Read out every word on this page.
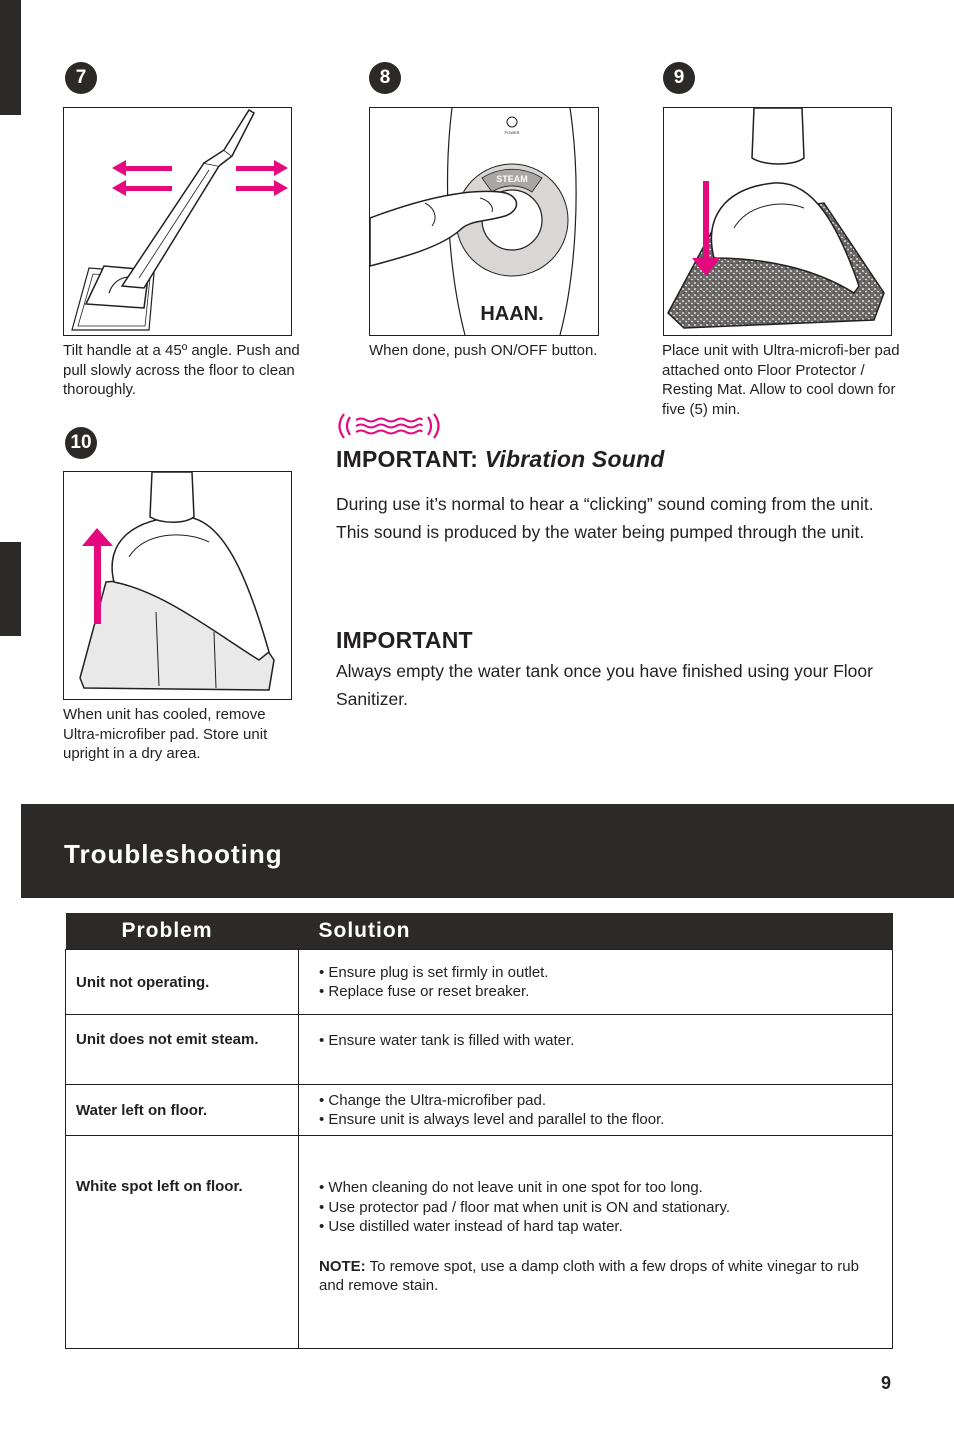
7
Tilt handle at a 45º angle. Push and pull slowly across the floor to clean thoroughly.
8
POWER
STEAM
HAAN.
When done, push ON/OFF button.
9
Place unit with Ultra-microfi-ber pad attached onto Floor Protector / Resting Mat. Allow to cool down for five (5) min.
10
When unit has cooled, remove Ultra-microfiber pad. Store unit upright in a dry area.
IMPORTANT: Vibration Sound
During use it’s normal to hear a “clicking” sound coming from the unit. This sound is produced by the water being pumped through the unit.
IMPORTANT
Always empty the water tank once you have finished using your Floor Sanitizer.
Troubleshooting
Problem	Solution
Unit not operating.	• Ensure plug is set firmly in outlet.
• Replace fuse or reset breaker.

Unit does not emit steam.	• Ensure water tank is filled with water.

Water left on floor.	• Change the Ultra-microfiber pad.
• Ensure unit is always level and parallel to the floor.

White spot left on floor.	• When cleaning do not leave unit in one spot for too long.
• Use protector pad / floor mat when unit is ON and stationary.
• Use distilled water instead of hard tap water.
NOTE: To remove spot, use a damp cloth with a few drops of white vinegar to rub and remove stain.
9
